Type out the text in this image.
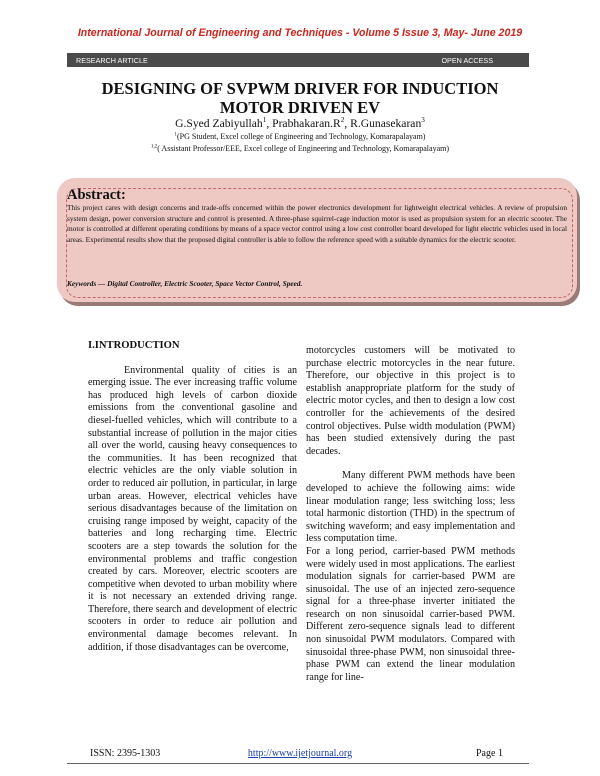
International Journal of Engineering and Techniques - Volume 5 Issue 3, May- June 2019
RESEARCH ARTICLE	OPEN ACCESS
DESIGNING OF SVPWM DRIVER FOR INDUCTION
MOTOR DRIVEN EV
G.Syed Zabiyullah$^1$, $Prabhakaran.R^2$, R.Gunasekaran$^3$
$^1$(PG Student, Excel college of Engineering and Technology, Komarapalayam)
$^{1,2}$( Assistant Professor/EEE, Excel college of Engineering and Technology, Komarapalayam)
Abstract:
This project cares with design concerns and trade-offs concerned within the power electronics development for lightweight electrical vehicles. A review of propulsion system design, power conversion structure and control is presented. A three-phase squirrel-cage induction motor is used as propulsion system for an electric scooter. The motor is controlled at different operating conditions by means of a space vector control using a low cost controller board developed for light electric vehicles used in local areas. Experimental results show that the proposed digital controller is able to follow the reference speed with a suitable dynamics for the electric scooter.
Keywords — Digital Controller, Electric Scooter, Space Vector Control, Speed.
I.INTRODUCTION

Environmental quality of cities is an emerging issue. The ever increasing traffic volume has produced high levels of carbon dioxide emissions from the conventional gasoline and diesel-fuelled vehicles, which will contribute to a substantial increase of pollution in the major cities all over the world, causing heavy consequences to the communities. It has been recognized that electric vehicles are the only viable solution in order to reduced air pollution, in particular, in large urban areas. However, electrical vehicles have serious disadvantages because of the limitation on cruising range imposed by weight, capacity of the batteries and long recharging time. Electric scooters are a step towards the solution for the environmental problems and traffic congestion created by cars. Moreover, electric scooters are competitive when devoted to urban mobility where it is not necessary an extended driving range. Therefore, there search and development of electric scooters in order to reduce air pollution and environmental damage becomes relevant. In addition, if those disadvantages can be overcome,

motorcycles customers will be motivated to purchase electric motorcycles in the near future. Therefore, our objective in this project is to establish anappropriate platform for the study of electric motor cycles, and then to design a low cost controller for the achievements of the desired control objectives. Pulse width modulation (PWM) has been studied extensively during the past decades.

Many different PWM methods have been developed to achieve the following aims: wide linear modulation range; less switching loss; less total harmonic distortion (THD) in the spectrum of switching waveform; and easy implementation and less computation time.

For a long period, carrier-based PWM methods were widely used in most applications. The earliest modulation signals for carrier-based PWM are sinusoidal. The use of an injected zero-sequence signal for a three-phase inverter initiated the research on non sinusoidal carrier-based PWM. Different zero-sequence signals lead to different non sinusoidal PWM modulators. Compared with sinusoidal three-phase PWM, non sinusoidal three-phase PWM can extend the linear modulation range for line-

ISSN: 2395-1303	http://www.ijetjournal.org	Page 1
